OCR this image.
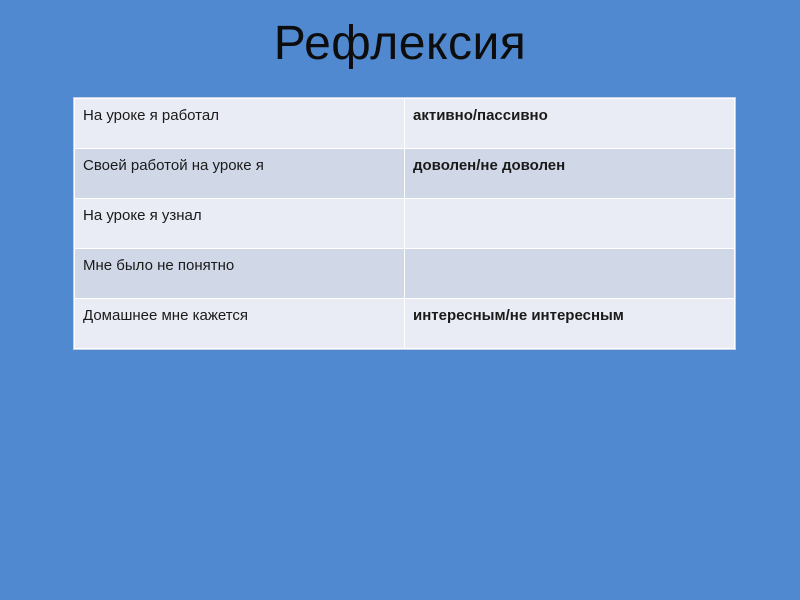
Рефлексия
На уроке я работал	активно/пассивно
Своей работой на уроке я	доволен/не доволен
На уроке я узнал	
Мне было не понятно	
Домашнее мне кажется	интересным/не интересным
